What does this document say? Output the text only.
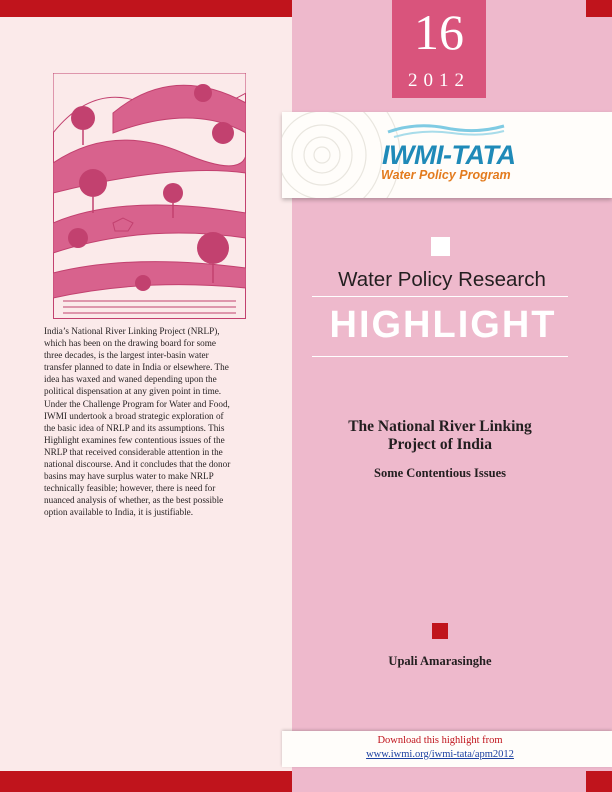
16
2012
IWMI-TATA
Water Policy Program
Water Policy Research
HIGHLIGHT
The National River Linking
Project of India
Some Contentious Issues
Upali Amarasinghe
Download this highlight from
www.iwmi.org/iwmi-tata/apm2012
India’s National River Linking Project (NRLP),
which has been on the drawing board for some
three decades, is the largest inter-basin water
transfer planned to date in India or elsewhere. The
idea has waxed and waned depending upon the
political dispensation at any given point in time.
Under the Challenge Program for Water and Food,
IWMI undertook a broad strategic exploration of
the basic idea of NRLP and its assumptions. This
Highlight examines few contentious issues of the
NRLP that received considerable attention in the
national discourse. And it concludes that the donor
basins may have surplus water to make NRLP
technically feasible; however, there is need for
nuanced analysis of whether, as the best possible
option available to India, it is justifiable.
